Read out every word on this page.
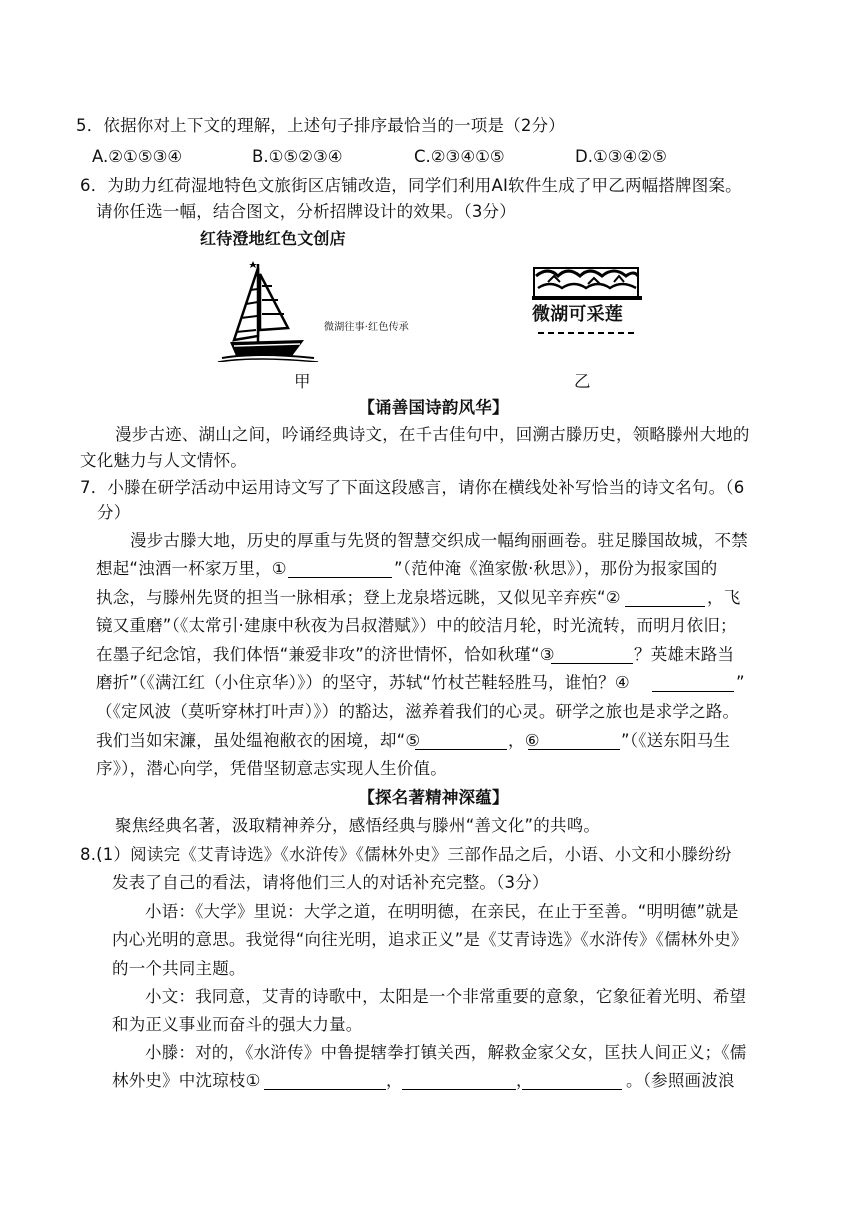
5．依据你对上下文的理解，上述句子排序最恰当的一项是（2分）
A.②①⑤③④	B.①⑤②③④	C.②③④①⑤	D.①③④②⑤
6．为助力红荷湿地特色文旅街区店铺改造，同学们利用AI软件生成了甲乙两幅搭牌图案。
请你任选一幅，结合图文，分析招牌设计的效果。（3分）
红待澄地红色文创店
微湖往事·红色传承
微湖可采莲
甲	乙
【诵善国诗韵风华】
漫步古迹、湖山之间，吟诵经典诗文，在千古佳句中，回溯古滕历史，领略滕州大地的
文化魅力与人文情怀。
7．小滕在研学活动中运用诗文写了下面这段感言，请你在横线处补写恰当的诗文名句。（6
分）
漫步古滕大地，历史的厚重与先贤的智慧交织成一幅绚丽画卷。驻足滕国故城，不禁
想起“浊酒一杯家万里，①	”（范仲淹《渔家傲·秋思》），那份为报家国的
执念，与滕州先贤的担当一脉相承；登上龙泉塔远眺，又似见辛弃疾“②	，飞
镜又重磨”（《太常引·建康中秋夜为吕叔潜赋》）中的皎洁月轮，时光流转，而明月依旧；
在墨子纪念馆，我们体悟“兼爱非攻”的济世情怀，恰如秋瑾“③	？英雄末路当
磨折”（《满江红（小住京华）》）的坚守，苏轼“竹杖芒鞋轻胜马，谁怕？④	”
（《定风波（莫听穿林打叶声）》）的豁达，滋养着我们的心灵。研学之旅也是求学之路。
我们当如宋濂，虽处缊袍敝衣的困境，却“⑤	，⑥	”（《送东阳马生
序》），潜心向学，凭借坚韧意志实现人生价值。
【探名著精神深蕴】
聚焦经典名著，汲取精神养分，感悟经典与滕州“善文化”的共鸣。
8.(1）阅读完《艾青诗选》《水浒传》《儒林外史》三部作品之后，小语、小文和小滕纷纷
发表了自己的看法，请将他们三人的对话补充完整。（3分）
小语：《大学》里说：大学之道，在明明德，在亲民，在止于至善。“明明德”就是
内心光明的意思。我觉得“向往光明，追求正义”是《艾青诗选》《水浒传》《儒林外史》
的一个共同主题。
小文：我同意，艾青的诗歌中，太阳是一个非常重要的意象，它象征着光明、希望
和为正义事业而奋斗的强大力量。
小滕：对的，《水浒传》中鲁提辖拳打镇关西，解救金家父女，匡扶人间正义；《儒
林外史》中沈琼枝①	，	，	。（参照画波浪
